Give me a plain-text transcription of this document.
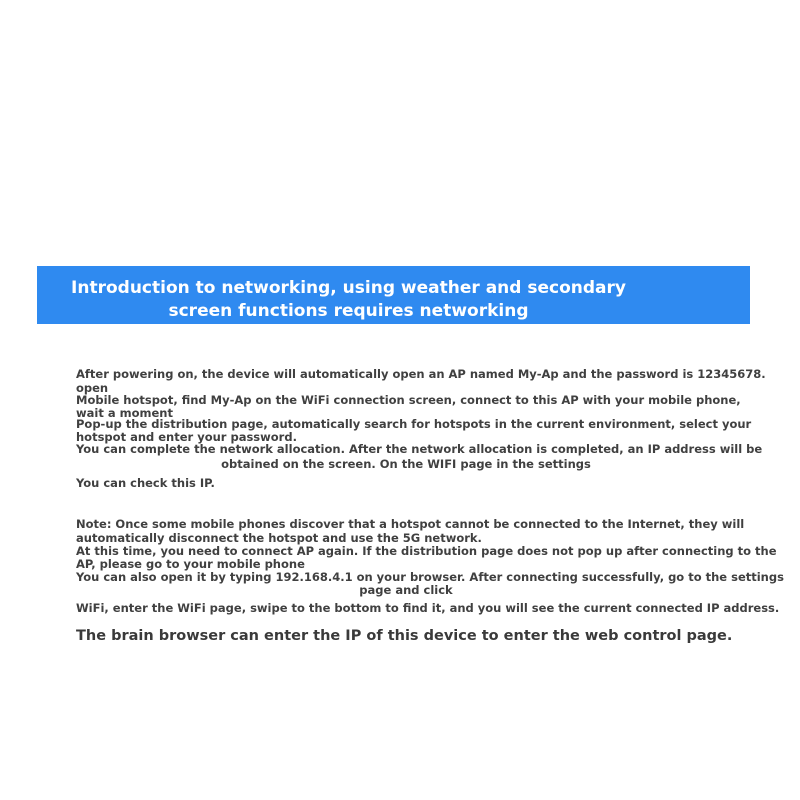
Introduction to networking, using weather and secondary
screen functions requires networking
After powering on, the device will automatically open an AP named My-Ap and the password is 12345678.
open
Mobile hotspot, find My-Ap on the WiFi connection screen, connect to this AP with your mobile phone,
wait a moment
Pop-up the distribution page, automatically search for hotspots in the current environment, select your
hotspot and enter your password.
You can complete the network allocation. After the network allocation is completed, an IP address will be
obtained on the screen. On the WIFI page in the settings
You can check this IP.
Note: Once some mobile phones discover that a hotspot cannot be connected to the Internet, they will
automatically disconnect the hotspot and use the 5G network.
At this time, you need to connect AP again. If the distribution page does not pop up after connecting to the
AP, please go to your mobile phone
You can also open it by typing 192.168.4.1 on your browser. After connecting successfully, go to the settings
page and click
WiFi, enter the WiFi page, swipe to the bottom to find it, and you will see the current connected IP address.
The brain browser can enter the IP of this device to enter the web control page.
